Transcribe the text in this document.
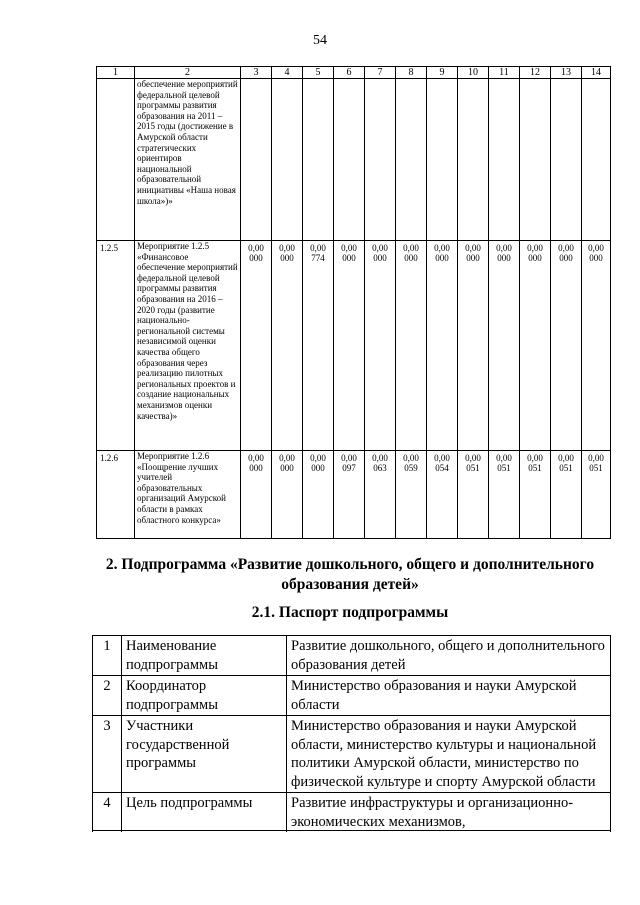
54
1	2	3	4	5	6	7	8	9	10	11	12	13	14
	обеспечение мероприятий федеральной целевой программы развития образования на 2011 – 2015 годы (достижение в Амурской области стратегических ориентиров национальной образовательной инициативы «Наша новая школа»)»												
1.2.5	Мероприятие 1.2.5 «Финансовое обеспечение мероприятий федеральной целевой программы развития образования на 2016 – 2020 годы (развитие национально-региональной системы независимой оценки качества общего образования через реализацию пилотных региональных проектов и создание национальных механизмов оценки качества)»	0,00 000	0,00 000	0,00 774	0,00 000	0,00 000	0,00 000	0,00 000	0,00 000	0,00 000	0,00 000	0,00 000	0,00 000
1.2.6	Мероприятие 1.2.6 «Поощрение лучших учителей образовательных организаций Амурской области в рамках областного конкурса»	0,00 000	0,00 000	0,00 000	0,00 097	0,00 063	0,00 059	0,00 054	0,00 051	0,00 051	0,00 051	0,00 051	0,00 051
2. Подпрограмма «Развитие дошкольного, общего и дополнительного образования детей»
2.1. Паспорт подпрограммы
1	Наименование подпрограммы	Развитие дошкольного, общего и дополнительного образования детей
2	Координатор подпрограммы	Министерство образования и науки Амурской области
3	Участники государственной программы	Министерство образования и науки Амурской области, министерство культуры и национальной политики Амурской области, министерство по физической культуре и спорту Амурской области
4	Цель подпрограммы	Развитие инфраструктуры и организационно-экономических механизмов,
